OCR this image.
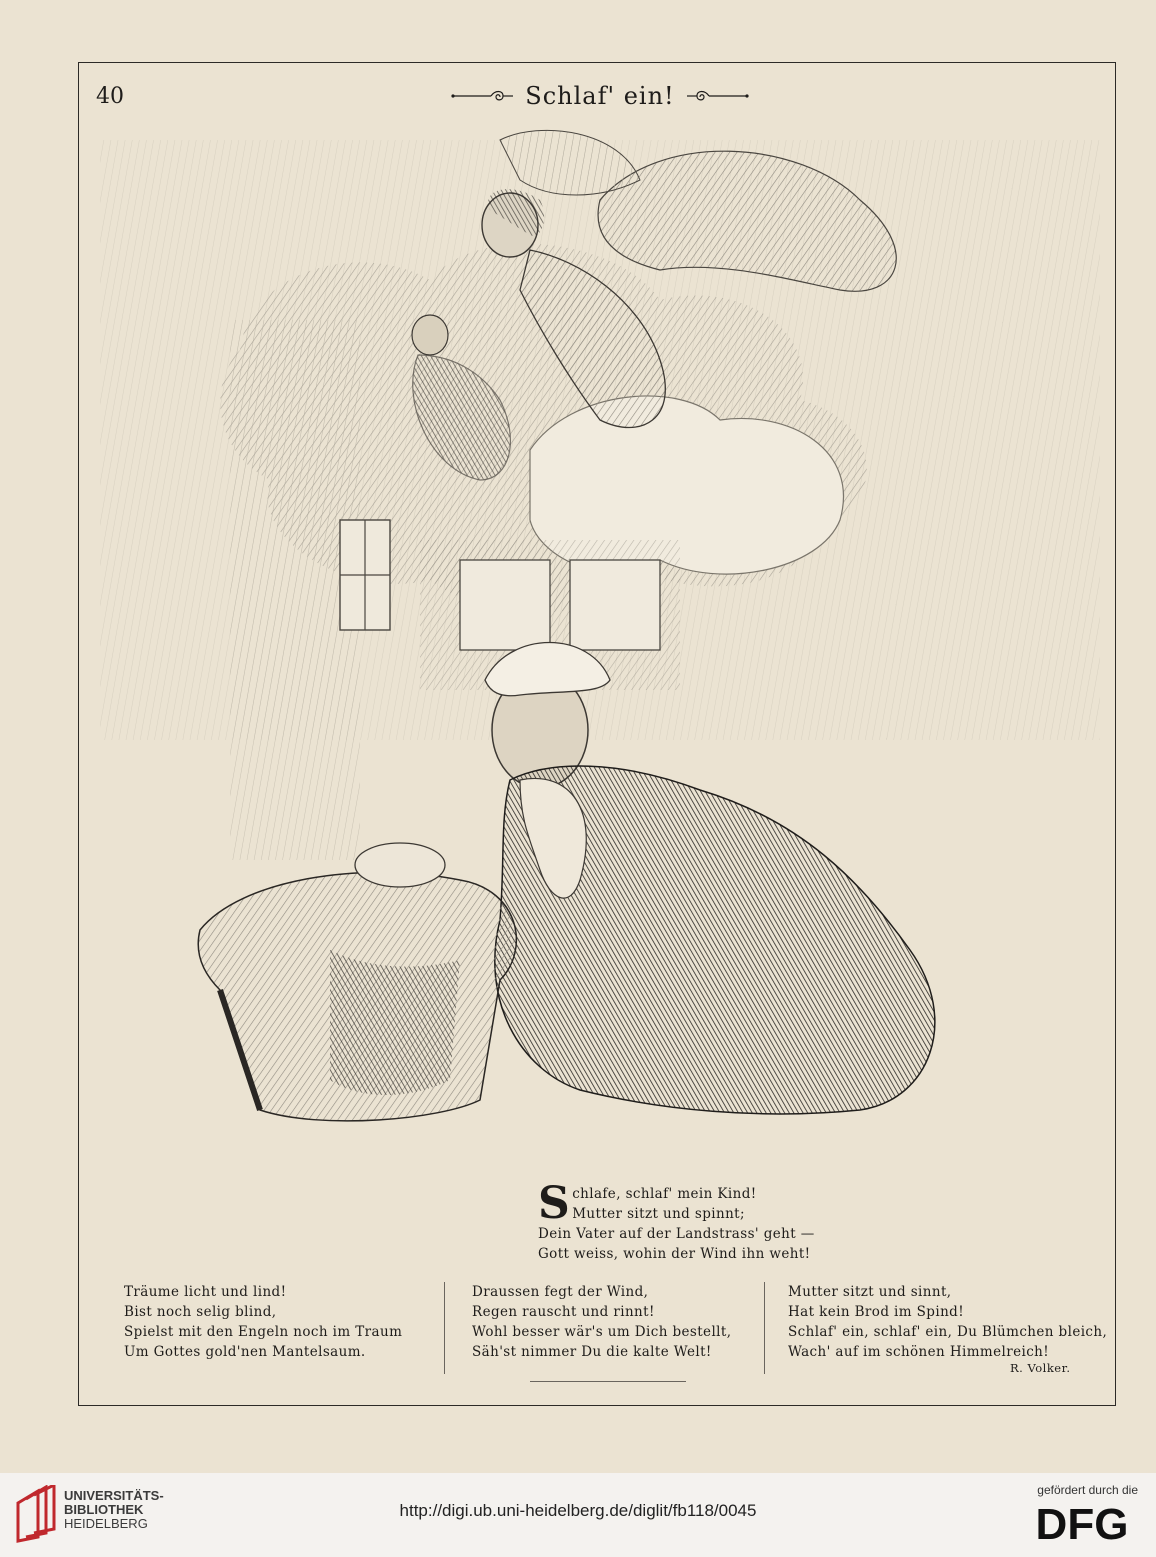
40	Schlaf' ein!
S chlafe, schlaf' mein Kind!
Mutter sitzt und spinnt;
Dein Vater auf der Landstrass' geht —
Gott weiss, wohin der Wind ihn weht!
Träume licht und lind!
Bist noch selig blind,
Spielst mit den Engeln noch im Traum
Um Gottes gold'nen Mantelsaum.
Draussen fegt der Wind,
Regen rauscht und rinnt!
Wohl besser wär's um Dich bestellt,
Säh'st nimmer Du die kalte Welt!
Mutter sitzt und sinnt,
Hat kein Brod im Spind!
Schlaf' ein, schlaf' ein, Du Blümchen bleich,
Wach' auf im schönen Himmelreich!
R. Volker.
UNIVERSITÄTS-
BIBLIOTHEK
HEIDELBERG
http://digi.ub.uni-heidelberg.de/diglit/fb118/0045
gefördert durch die
DFG
